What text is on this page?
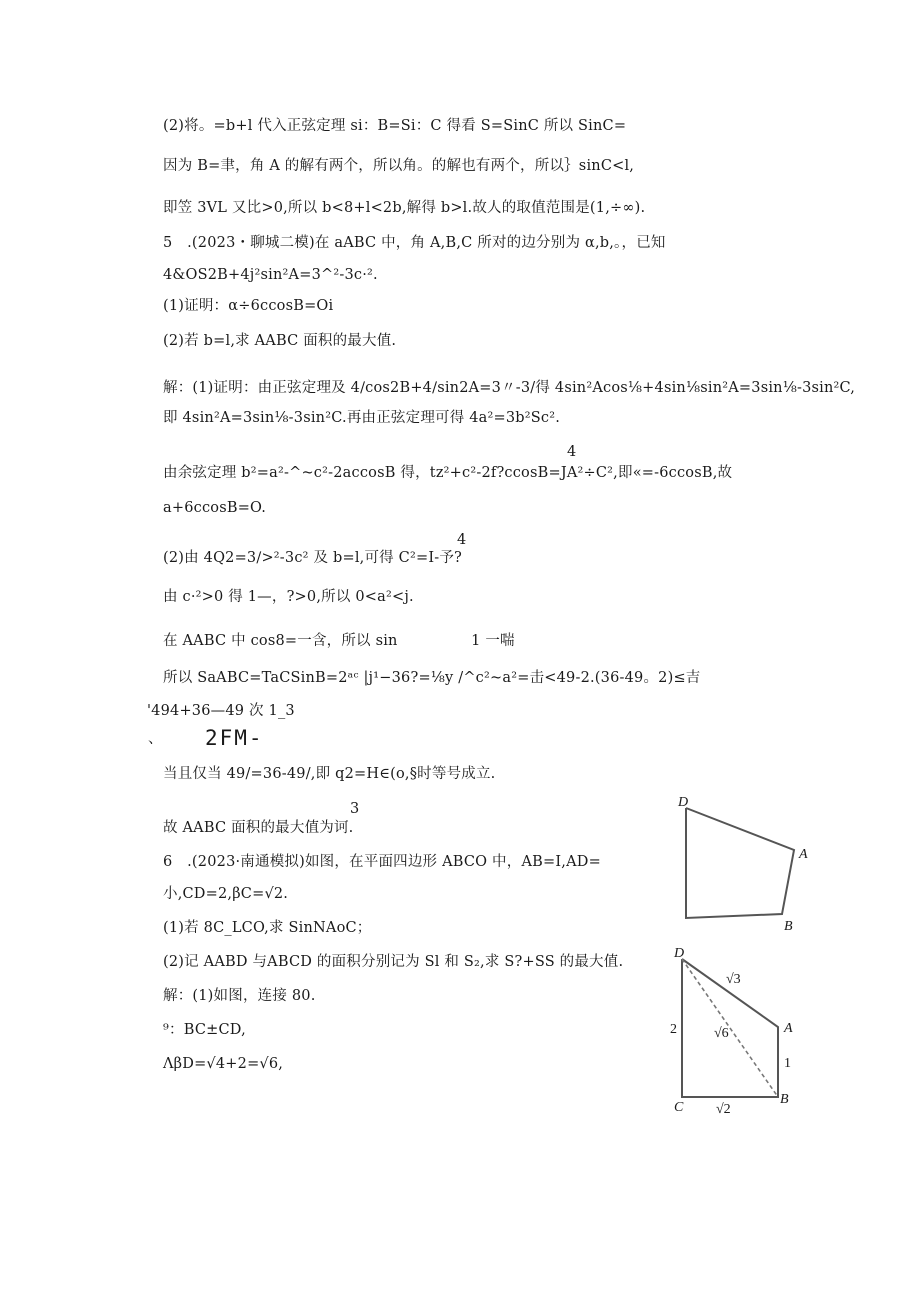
(2)将。=b+l 代入正弦定理 si：B=Si：C 得看 S=SinC 所以 SinC=
因为 B=聿，角 A 的解有两个，所以角。的解也有两个，所以｝sinC<l,
即笠 3VL 又比>0,所以 b<8+l<2b,解得 b>l.故人的取值范围是(1,÷∞).
5　.(2023・聊城二模)在 aABC 中，角 A,B,C 所对的边分别为 α,b,。，已知
4&OS2B+4j²sin²A=3^²-3c·².
(1)证明：α÷6ccosB=Oi
(2)若 b=l,求 AABC 面积的最大值.
解：(1)证明：由正弦定理及 4∕cos2B+4∕sin2A=3〃-3/得 4sin²Acos⅛+4sin⅛sin²A=3sin⅛-3sin²C,
即 4sin²A=3sin⅛-3sin²C.再由正弦定理可得 4a²=3b²Sc².
4
由余弦定理 b²=a²-^~c²-2accosB 得，tz²+c²-2f?ccosB=JA²÷C²,即«=-6ccosB,故
a+6ccosB=O.
4
(2)由 4Q2=3∕>²-3c² 及 b=l,可得 C²=I-予?
由 c·²>0 得 1—，?>0,所以 0<a²<j.
在 AABC 中 cos8=一含，所以 sin　　　　　1 一喘
所以 SaABC=TaCSinB=2ᵃᶜ |j¹−36?=⅛y /^c²~a²=击<49-2.(36-49。2)≤吉
'494+36—49 次 1_3
、 2FM-
当且仅当 49/=36-49/,即 q2=H∈(o,§时等号成立.
3
故 AABC 面积的最大值为诃.
6　.(2023·南通模拟)如图，在平面四边形 ABCO 中，AB=I,AD=
小,CD=2,βC=√2.
(1)若 8C_LCO,求 SinNAoC；
(2)记 AABD 与ABCD 的面积分别记为 Sl 和 S₂,求 S?+SS 的最大值.
解：(1)如图，连接 80.
⁹：BC±CD,
ΛβD=√4+2=√6,
D
A
B
D
A
B
C
√3
√6
2
1
√2
